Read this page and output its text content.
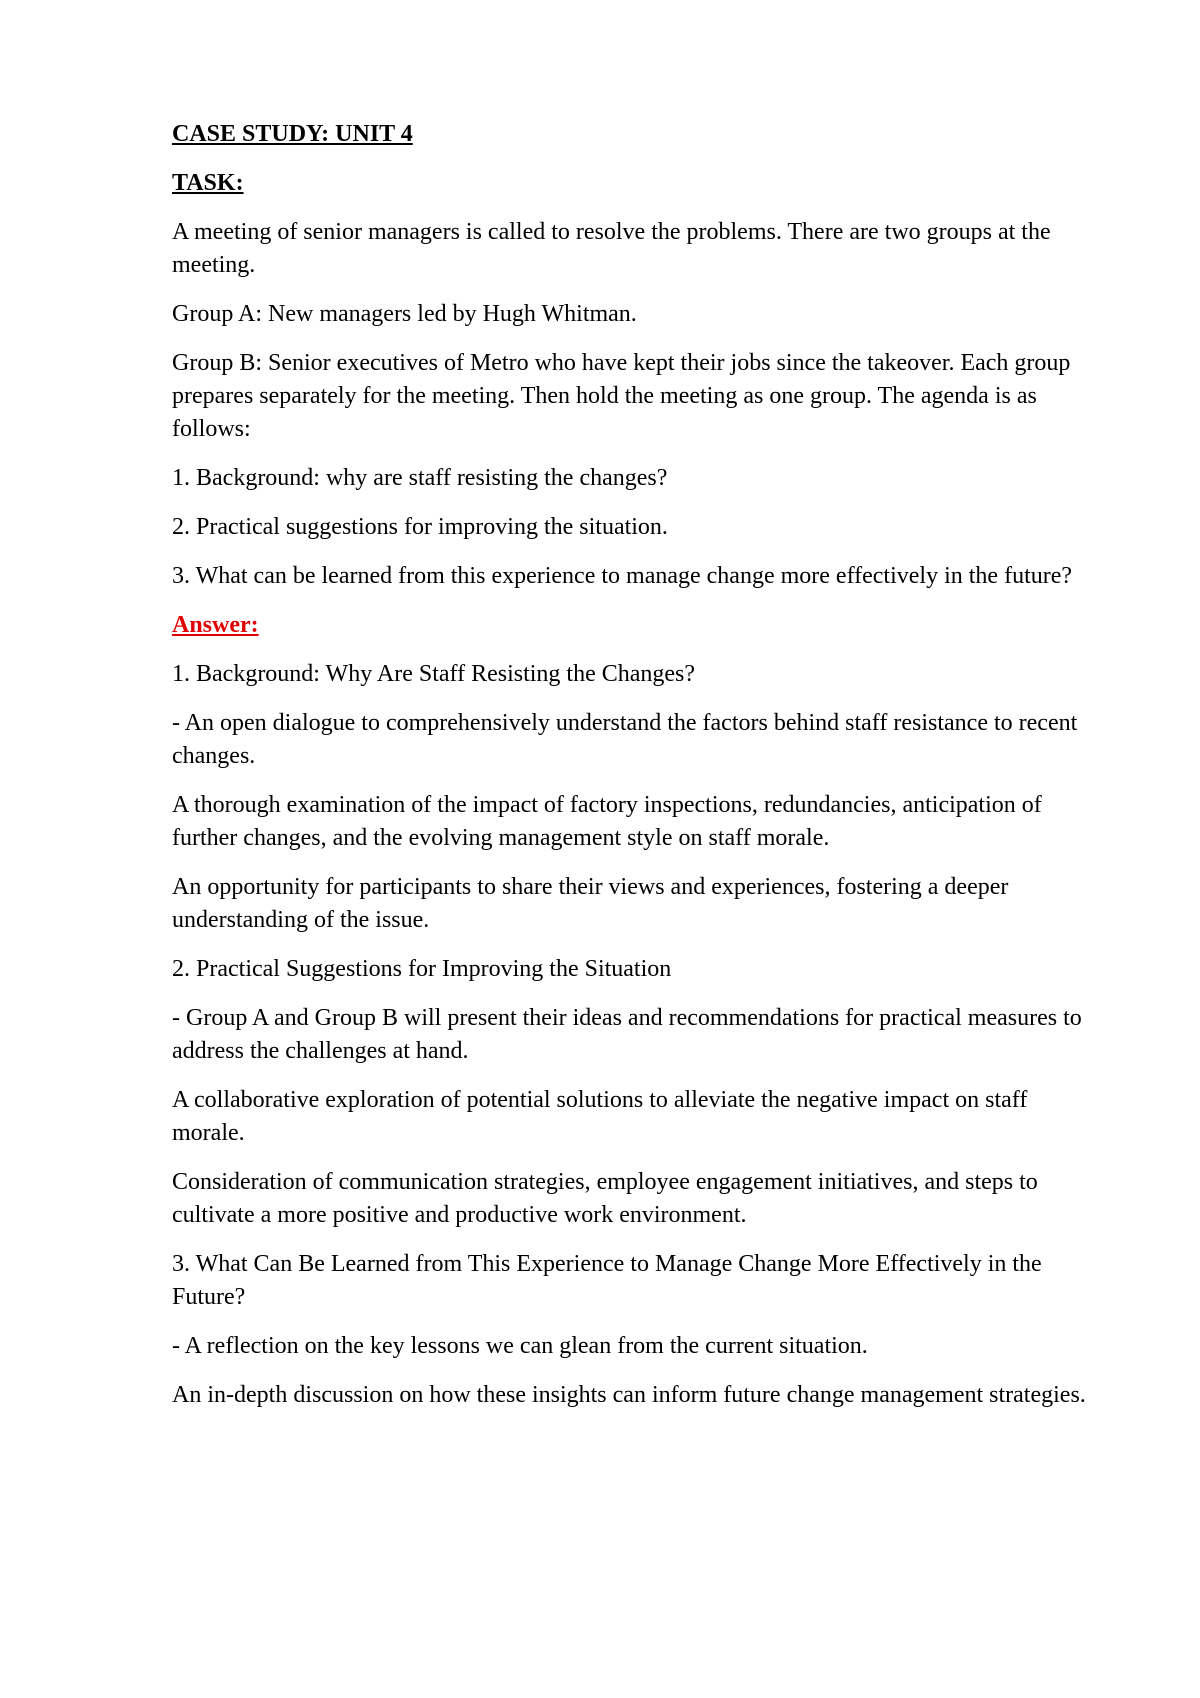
CASE STUDY: UNIT 4

TASK:

A meeting of senior managers is called to resolve the problems. There are two groups at the meeting.

Group A: New managers led by Hugh Whitman.

Group B: Senior executives of Metro who have kept their jobs since the takeover. Each group prepares separately for the meeting. Then hold the meeting as one group. The agenda is as follows:

1. Background: why are staff resisting the changes?

2. Practical suggestions for improving the situation.

3. What can be learned from this experience to manage change more effectively in the future?

Answer:

1. Background: Why Are Staff Resisting the Changes?

- An open dialogue to comprehensively understand the factors behind staff resistance to recent changes.

A thorough examination of the impact of factory inspections, redundancies, anticipation of further changes, and the evolving management style on staff morale.

An opportunity for participants to share their views and experiences, fostering a deeper understanding of the issue.

2. Practical Suggestions for Improving the Situation

- Group A and Group B will present their ideas and recommendations for practical measures to address the challenges at hand.

A collaborative exploration of potential solutions to alleviate the negative impact on staff morale.

Consideration of communication strategies, employee engagement initiatives, and steps to cultivate a more positive and productive work environment.

3. What Can Be Learned from This Experience to Manage Change More Effectively in the Future?

- A reflection on the key lessons we can glean from the current situation.

An in-depth discussion on how these insights can inform future change management strategies.
